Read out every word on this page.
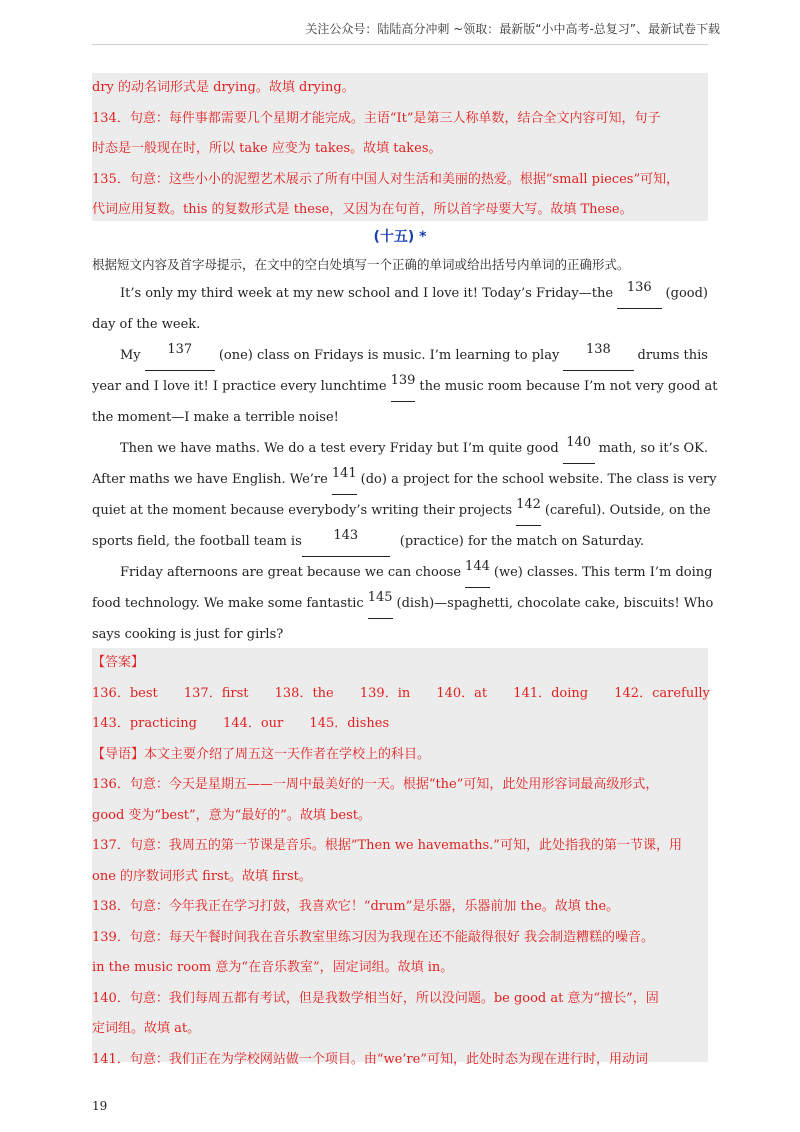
关注公众号：陆陆高分冲刺 ~领取：最新版“小中高考-总复习”、最新试卷下载
dry 的动名词形式是 drying。故填 drying。
134．句意：每件事都需要几个星期才能完成。主语“It”是第三人称单数，结合全文内容可知，句子
时态是一般现在时，所以 take 应变为 takes。故填 takes。
135．句意：这些小小的泥塑艺术展示了所有中国人对生活和美丽的热爱。根据“small pieces”可知，
代词应用复数。this 的复数形式是 these，又因为在句首，所以首字母要大写。故填 These。
(十五) *
根据短文内容及首字母提示，在文中的空白处填写一个正确的单词或给出括号内单词的正确形式。
It’s only my third week at my new school and I love it! Today’s Friday—the	136	(good)
day of the week.
My	137	(one) class on Fridays is music. I’m learning to play	138	drums this
year and I love it! I practice every lunchtime 139 the music room because I’m not very good at
the moment—I make a terrible noise!
Then we have maths. We do a test every Friday but I’m quite good 140 math, so it’s OK.
After maths we have English. We’re 141 (do) a project for the school website. The class is very
quiet at the moment because everybody’s writing their projects 142 (careful). Outside, on the
sports field, the football team is	143	(practice) for the match on Saturday.
Friday afternoons are great because we can choose 144 (we) classes. This term I’m doing
food technology. We make some fantastic 145 (dish)—spaghetti, chocolate cake, biscuits! Who
says cooking is just for girls?
【答案】
136．best 137．first 138．the 139．in 140．at 141．doing 142．carefully
143．practicing 144．our 145．dishes
【导语】本文主要介绍了周五这一天作者在学校上的科目。
136．句意：今天是星期五——一周中最美好的一天。根据“the”可知，此处用形容词最高级形式，
good 变为“best”，意为“最好的”。故填 best。
137．句意：我周五的第一节课是音乐。根据“Then we havemaths.”可知，此处指我的第一节课，用
one 的序数词形式 first。故填 first。
138．句意：今年我正在学习打鼓，我喜欢它！“drum”是乐器，乐器前加 the。故填 the。
139．句意：每天午餐时间我在音乐教室里练习因为我现在还不能敲得很好 我会制造糟糕的噪音。
in the music room 意为“在音乐教室”，固定词组。故填 in。
140．句意：我们每周五都有考试，但是我数学相当好，所以没问题。be good at 意为“擅长”，固
定词组。故填 at。
141．句意：我们正在为学校网站做一个项目。由“we’re”可知，此处时态为现在进行时，用动词
19
